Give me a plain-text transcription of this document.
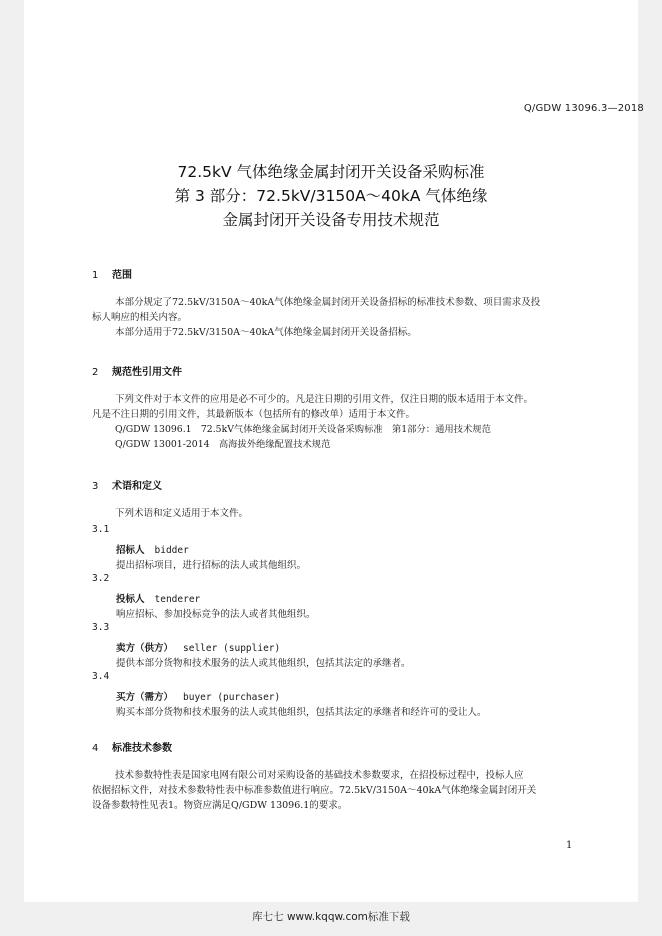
Q/GDW 13096.3—2018
72.5kV 气体绝缘金属封闭开关设备采购标准
第 3 部分：72.5kV/3150A～40kA 气体绝缘
金属封闭开关设备专用技术规范
1 范围
本部分规定了72.5kV/3150A～40kA气体绝缘金属封闭开关设备招标的标准技术参数、项目需求及投
标人响应的相关内容。
本部分适用于72.5kV/3150A～40kA气体绝缘金属封闭开关设备招标。
2 规范性引用文件
下列文件对于本文件的应用是必不可少的。凡是注日期的引用文件，仅注日期的版本适用于本文件。
凡是不注日期的引用文件，其最新版本（包括所有的修改单）适用于本文件。
Q/GDW 13096.1　72.5kV气体绝缘金属封闭开关设备采购标准　第1部分：通用技术规范
Q/GDW 13001-2014　高海拔外绝缘配置技术规范
3 术语和定义
下列术语和定义适用于本文件。
3.1
招标人 bidder
提出招标项目，进行招标的法人或其他组织。
3.2
投标人 tenderer
响应招标、参加投标竞争的法人或者其他组织。
3.3
卖方（供方） seller (supplier)
提供本部分货物和技术服务的法人或其他组织，包括其法定的承继者。
3.4
买方（需方） buyer (purchaser)
购买本部分货物和技术服务的法人或其他组织，包括其法定的承继者和经许可的受让人。
4 标准技术参数
技术参数特性表是国家电网有限公司对采购设备的基础技术参数要求，在招投标过程中，投标人应
依据招标文件，对技术参数特性表中标准参数值进行响应。72.5kV/3150A～40kA气体绝缘金属封闭开关
设备参数特性见表1。物资应满足Q/GDW 13096.1的要求。
1
库七七 www.kqqw.com标准下载
